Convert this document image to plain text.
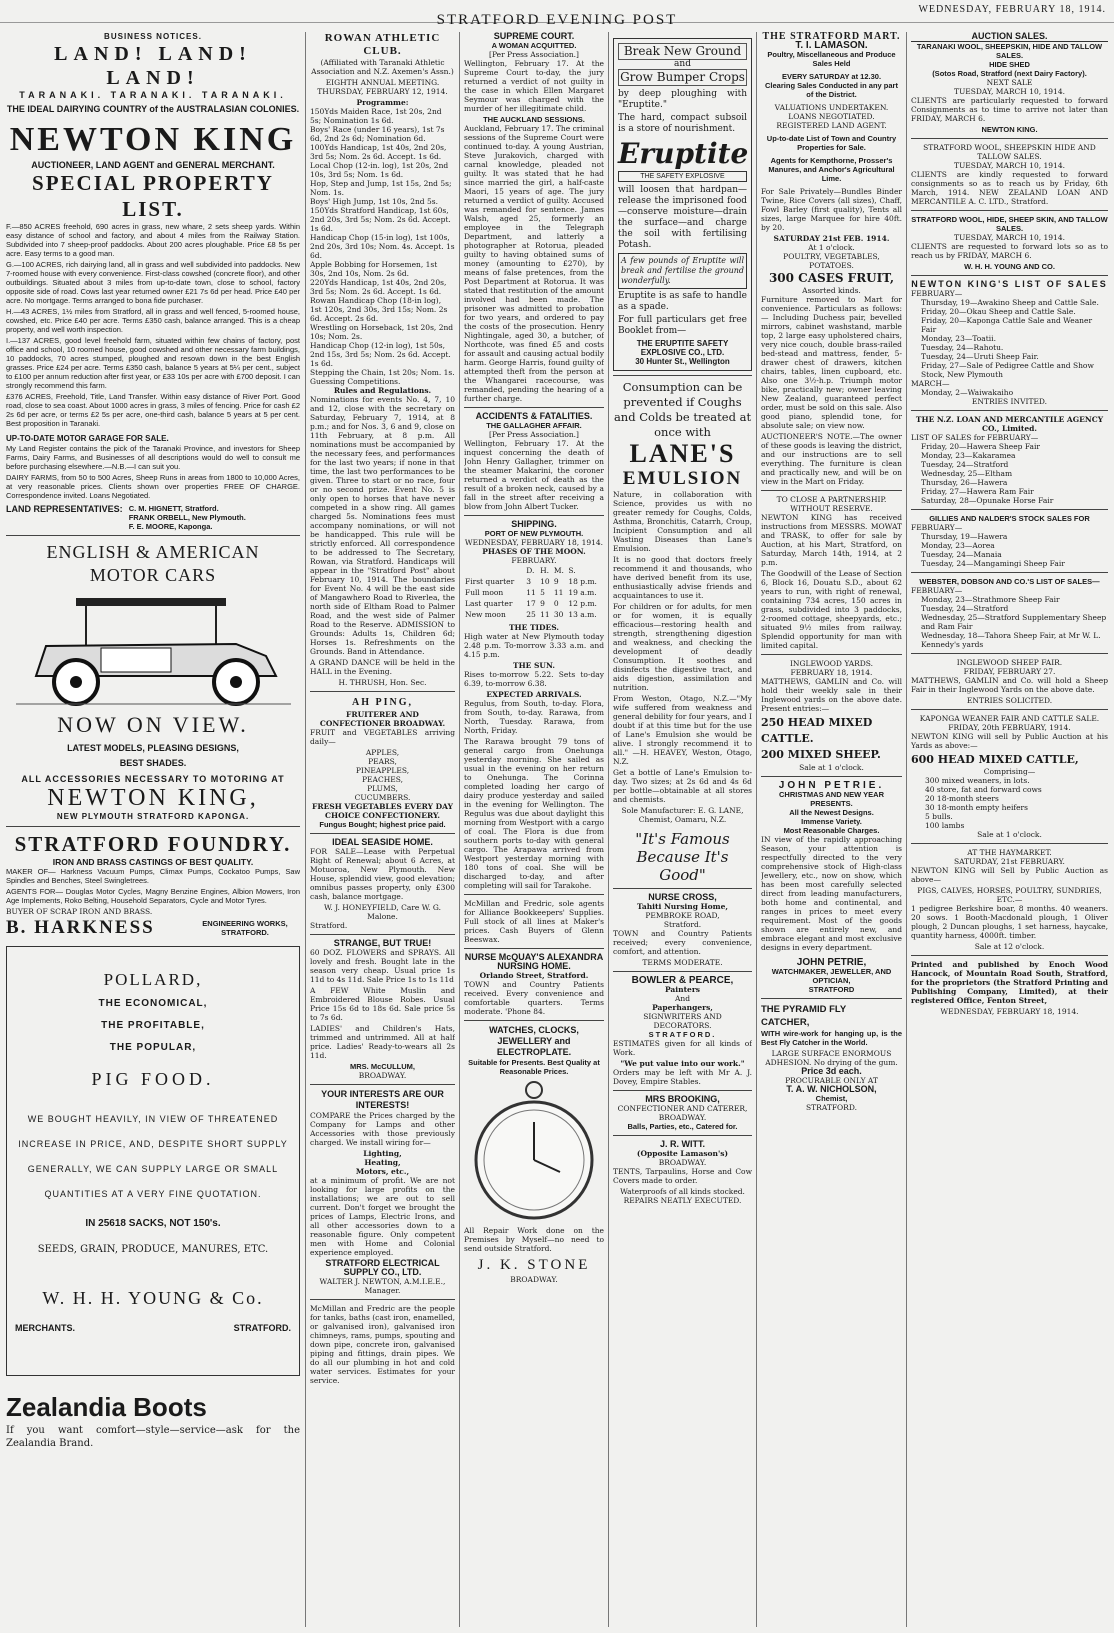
STRATFORD EVENING POST
WEDNESDAY, FEBRUARY 18, 1914.
BUSINESS NOTICES.
LAND! LAND! LAND!
TARANAKI. TARANAKI. TARANAKI.
THE IDEAL DAIRYING COUNTRY of the AUSTRALASIAN COLONIES.
NEWTON KING
AUCTIONEER, LAND AGENT and GENERAL MERCHANT.
SPECIAL PROPERTY LIST.

F.—850 ACRES freehold, 690 acres in grass, new whare, 2 sets sheep yards. Within easy distance of school and factory, and about 4 miles from the Railway Station. Subdivided into 7 sheep-proof paddocks. About 200 acres ploughable. Price £8 5s per acre. Easy terms to a good man.

G.—100 ACRES, rich dairying land, all in grass and well subdivided into paddocks. New 7-roomed house with every convenience. First-class cowshed (concrete floor), and other outbuildings. Situated about 3 miles from up-to-date town, close to school, factory opposite side of road. Cows last year returned owner £21 7s 6d per head. Price £40 per acre. No mortgage. Terms arranged to bona fide purchaser.

H.—43 ACRES, 1½ miles from Stratford, all in grass and well fenced, 5-roomed house, cowshed, etc. Price £40 per acre. Terms £350 cash, balance arranged. This is a cheap property, and well worth inspection.

I.—137 ACRES, good level freehold farm, situated within few chains of factory, post office and school, 10 roomed house, good cowshed and other necessary farm buildings, 10 paddocks, 70 acres stumped, ploughed and resown down in the best English grasses. Price £24 per acre. Terms £350 cash, balance 5 years at 5¼ per cent., subject to £100 per annum reduction after first year, or £33 10s per acre with £700 deposit. I can strongly recommend this farm.

£376 ACRES, Freehold, Title, Land Transfer. Within easy distance of River Port. Good road, close to sea coast. About 1000 acres in grass, 3 miles of fencing. Price for cash £2 2s 6d per acre, or terms £2 5s per acre, one-third cash, balance 5 years at 5 per cent. Best proposition in Taranaki.

UP-TO-DATE MOTOR GARAGE FOR SALE.

My Land Register contains the pick of the Taranaki Province, and investors for Sheep Farms, Dairy Farms, and Businesses of all descriptions would do well to consult me before purchasing elsewhere.—N.B.—I can suit you.

DAIRY FARMS, from 50 to 500 Acres, Sheep Runs in areas from 1800 to 10,000 Acres, at very reasonable prices. Clients shown over properties FREE OF CHARGE. Correspondence invited. Loans Negotiated.

LAND REPRESENTATIVES: C. M. HIGNETT, Stratford.
FRANK ORBELL, New Plymouth.
F. E. MOORE, Kaponga.
ENGLISH & AMERICAN
MOTOR CARS
NOW ON VIEW.
LATEST MODELS, PLEASING DESIGNS,
BEST SHADES.
ALL ACCESSORIES NECESSARY TO MOTORING AT
NEWTON KING,
NEW PLYMOUTH STRATFORD KAPONGA.
STRATFORD FOUNDRY.
IRON AND BRASS CASTINGS OF BEST QUALITY.

MAKER OF— Harkness Vacuum Pumps, Climax Pumps, Cockatoo Pumps, Saw Spindles and Benches, Steel Swingletrees.

AGENTS FOR— Douglas Motor Cycles, Magny Benzine Engines, Albion Mowers, Iron Age Implements, Roko Belting, Household Separators, Cycle and Motor Tyres.

BUYER OF SCRAP IRON AND BRASS.
B. HARKNESS	ENGINEERING WORKS, STRATFORD.
POLLARD,
THE ECONOMICAL,
THE PROFITABLE,
THE POPULAR,
PIG FOOD.

WE BOUGHT HEAVILY, IN VIEW OF THREATENED INCREASE IN PRICE, AND, DESPITE SHORT SUPPLY GENERALLY, WE CAN SUPPLY LARGE OR SMALL QUANTITIES AT A VERY FINE QUOTATION.

IN 25618 SACKS, NOT 150's.
SEEDS, GRAIN, PRODUCE, MANURES, ETC.
W. H. H. YOUNG & Co.
MERCHANTS.	STRATFORD.
Zealandia Boots

If you want comfort—style—service—ask for the Zealandia Brand.

ROWAN ATHLETIC CLUB.

(Affiliated with Taranaki Athletic Association and N.Z. Axemen's Assn.)

EIGHTH ANNUAL MEETING. THURSDAY, FEBRUARY 12, 1914.

Programme:
150Yds Maiden Race, 1st 20s, 2nd 5s; Nomination 1s 6d.
Boys' Race (under 16 years), 1st 7s 6d, 2nd 2s 6d; Nomination 6d.
100Yds Handicap, 1st 40s, 2nd 20s, 3rd 5s; Nom. 2s 6d. Accept. 1s 6d.
Local Chop (12-in. log), 1st 20s, 2nd 10s, 3rd 5s; Nom. 1s 6d.
Hop, Step and Jump, 1st 15s, 2nd 5s; Nom. 1s.
Boys' High Jump, 1st 10s, 2nd 5s.
150Yds Stratford Handicap, 1st 60s, 2nd 20s, 3rd 5s; Nom. 2s 6d. Accept. 1s 6d.
Handicap Chop (15-in log), 1st 100s, 2nd 20s, 3rd 10s; Nom. 4s. Accept. 1s 6d.
Apple Bobbing for Horsemen, 1st 30s, 2nd 10s, Nom. 2s 6d.
220Yds Handicap, 1st 40s, 2nd 20s, 3rd 5s; Nom. 2s 6d. Accept. 1s 6d.
Rowan Handicap Chop (18-in log), 1st 120s, 2nd 30s, 3rd 15s; Nom. 2s 6d. Accept. 2s 6d.
Wrestling on Horseback, 1st 20s, 2nd 10s; Nom. 2s.
Handicap Chop (12-in log), 1st 50s, 2nd 15s, 3rd 5s; Nom. 2s 6d. Accept. 1s 6d.
Stepping the Chain, 1st 20s; Nom. 1s.
Guessing Competitions.
Rules and Regulations.

Nominations for events No. 4, 7, 10 and 12, close with the secretary on Saturday, February 7, 1914, at 8 p.m.; and for Nos. 3, 6 and 9, close on 11th February, at 8 p.m. All nominations must be accompanied by the necessary fees, and performances for the last two years; if none in that time, the last two performances to be given. Three to start or no race, four or no second prize. Event No. 5 is only open to horses that have never competed in a show ring. All games charged 5s. Nominations fees must accompany nominations, or will not be handicapped. This rule will be strictly enforced. All correspondence to be addressed to The Secretary, Rowan, via Stratford. Handicaps will appear in the "Stratford Post" about February 10, 1914. The boundaries for Event No. 4 will be the east side of Mangawhero Road to Riverlea, the north side of Eltham Road to Palmer Road, and the west side of Palmer Road to the Reserve. ADMISSION to Grounds: Adults 1s, Children 6d; Horses 1s. Refreshments on the Grounds. Band in Attendance.

A GRAND DANCE will be held in the HALL in the Evening.

H. THRUSH, Hon. Sec.
AH PING,
FRUITERER AND CONFECTIONER BROADWAY.

FRUIT and VEGETABLES arriving daily—

APPLES,
PEARS,
PINEAPPLES,
PEACHES,
PLUMS,
CUCUMBERS.
FRESH VEGETABLES EVERY DAY CHOICE CONFECTIONERY.
Fungus Bought; highest price paid.
IDEAL SEASIDE HOME.

FOR SALE—Lease with Perpetual Right of Renewal; about 6 Acres, at Motuoroa, New Plymouth. New House, splendid view, good elevation; omnibus passes property, only £300 cash, balance mortgage.

W. J. HONEYFIELD, Care W. G. Malone.
Stratford.
STRANGE, BUT TRUE!

60 DOZ. FLOWERS and SPRAYS. All lovely and fresh. Bought late in the season very cheap. Usual price 1s 11d to 4s 11d. Sale Price 1s to 1s 11d

A FEW White Muslin and Embroidered Blouse Robes. Usual Price 15s 6d to 18s 6d. Sale price 5s to 7s 6d.

LADIES' and Children's Hats, trimmed and untrimmed. All at half price. Ladies' Ready-to-wears all 2s 11d.

MRS. McCULLUM,
BROADWAY.
YOUR INTERESTS ARE OUR INTERESTS!

COMPARE the Prices charged by the Company for Lamps and other Accessories with those previously charged. We install wiring for—

Lighting,
Heating,
Motors, etc.,

at a minimum of profit. We are not looking for large profits on the installations; we are out to sell current. Don't forget we brought the prices of Lamps, Electric Irons, and all other accessories down to a reasonable figure. Only competent men with Home and Colonial experience employed.

STRATFORD ELECTRICAL SUPPLY CO., LTD.
WALTER J. NEWTON, A.M.I.E.E., Manager.

McMillan and Fredric are the people for tanks, baths (cast iron, enamelled, or galvanised iron), galvanised iron chimneys, rams, pumps, spouting and down pipe, concrete iron, galvanised piping and fittings, drain pipes. We do all our plumbing in hot and cold water services. Estimates for your service.

SUPREME COURT.
A WOMAN ACQUITTED.
[Per Press Association.]

Wellington, February 17. At the Supreme Court to-day, the jury returned a verdict of not guilty in the case in which Ellen Margaret Seymour was charged with the murder of her illegitimate child.

THE AUCKLAND SESSIONS.

Auckland, February 17. The criminal sessions of the Supreme Court were continued to-day. A young Austrian, Steve Jurakovich, charged with carnal knowledge, pleaded not guilty. It was stated that he had since married the girl, a half-caste Maori, 15 years of age. The jury returned a verdict of guilty. Accused was remanded for sentence. James Walsh, aged 25, formerly an employee in the Telegraph Department, and latterly a photographer at Rotorua, pleaded guilty to having obtained sums of money (amounting to £270), by means of false pretences, from the Post Department at Rotorua. It was stated that restitution of the amount involved had been made. The prisoner was admitted to probation for two years, and ordered to pay the costs of the prosecution. Henry Nightingale, aged 30, a butcher, of Northcote, was fined £5 and costs for assault and causing actual bodily harm. George Harris, found guilty of attempted theft from the person at the Whangarei racecourse, was remanded, pending the hearing of a further charge.

ACCIDENTS & FATALITIES.
THE GALLAGHER AFFAIR.
[Per Press Association.]

Wellington, February 17. At the inquest concerning the death of John Henry Gallagher, trimmer on the steamer Makarini, the coroner returned a verdict of death as the result of a broken neck, caused by a fall in the street after receiving a blow from John Albert Tucker.

SHIPPING.
PORT OF NEW PLYMOUTH.
WEDNESDAY, FEBRUARY 18, 1914.
PHASES OF THE MOON.
FEBRUARY.
	D.	H.	M.	S.
First quarter	3	10	9	18 p.m.
Full moon	11	5	11	19 a.m.
Last quarter	17	9	0	12 p.m.
New moon	25	11	30	13 a.m.
THE TIDES.

High water at New Plymouth today 2.48 p.m. To-morrow 3.33 a.m. and 4.15 p.m.

THE SUN.

Rises to-morrow 5.22. Sets to-day 6.39, to-morrow 6.38.

EXPECTED ARRIVALS.

Regulus, from South, to-day. Flora, from South, to-day. Rarawa, from North, Tuesday. Rarawa, from North, Friday.

The Rarawa brought 79 tons of general cargo from Onehunga yesterday morning. She sailed as usual in the evening on her return to Onehunga. The Corinna completed loading her cargo of dairy produce yesterday and sailed in the evening for Wellington. The Regulus was due about daylight this morning from Westport with a cargo of coal. The Flora is due from southern ports to-day with general cargo. The Arapawa arrived from Westport yesterday morning with 180 tons of coal. She will be discharged to-day, and after completing will sail for Tarakohe.

McMillan and Fredric, sole agents for Alliance Bookkeepers' Supplies. Full stock of all lines at Maker's prices. Cash Buyers of Glenn Beeswax.

NURSE McQUAY'S ALEXANDRA NURSING HOME.
Orlando Street, Stratford.

TOWN and Country Patients received. Every convenience and comfortable quarters. Terms moderate. 'Phone 84.

WATCHES, CLOCKS, JEWELLERY and ELECTROPLATE.
Suitable for Presents. Best Quality at Reasonable Prices.

All Repair Work done on the Premises by Myself—no need to send outside Stratford.

J. K. STONE
BROADWAY.
Break New Ground
and
Grow Bumper Crops

by deep ploughing with "Eruptite."

The hard, compact subsoil is a store of nourishment.

Eruptite
THE SAFETY EXPLOSIVE

will loosen that hardpan—release the imprisoned food—conserve moisture—drain the surface—and charge the soil with fertilising Potash.

A few pounds of Eruptite will break and fertilise the ground wonderfully.

Eruptite is as safe to handle as a spade.

For full particulars get free Booklet from—

THE ERUPTITE SAFETY EXPLOSIVE CO., LTD.
30 Hunter St., Wellington
Consumption can be prevented if Coughs and Colds be treated at once with
LANE'S
EMULSION

Nature, in collaboration with Science, provides us with no greater remedy for Coughs, Colds, Asthma, Bronchitis, Catarrh, Croup, Incipient Consumption and all Wasting Diseases than Lane's Emulsion.

It is no good that doctors freely recommend it and thousands, who have derived benefit from its use, enthusiastically advise friends and acquaintances to use it.

For children or for adults, for men or for women, it is equally efficacious—restoring health and strength, strengthening digestion and weakness, and checking the development of deadly Consumption. It soothes and disinfects the digestive tract, and aids digestion, assimilation and nutrition.

From Weston, Otago, N.Z.—"My wife suffered from weakness and general debility for four years, and I doubt if at this time but for the use of Lane's Emulsion she would be alive. I strongly recommend it to all." —H. HEAVEY, Weston, Otago, N.Z.

Get a bottle of Lane's Emulsion to-day. Two sizes; at 2s 6d and 4s 6d per bottle—obtainable at all stores and chemists.

Sole Manufacturer: E. G. LANE, Chemist, Oamaru, N.Z.
"It's Famous Because It's Good"
NURSE CROSS,
Tahiti Nursing Home,
PEMBROKE ROAD,
Stratford.

TOWN and Country Patients received; every convenience, comfort, and attention.

TERMS MODERATE.
BOWLER & PEARCE,
Painters
And
Paperhangers,
SIGNWRITERS AND DECORATORS.
STRATFORD.

ESTIMATES given for all kinds of Work.

"We put value into our work."

Orders may be left with Mr A. J. Dovey, Empire Stables.

MRS BROOKING,
CONFECTIONER AND CATERER, BROADWAY.
Balls, Parties, etc., Catered for.
J. R. WITT.
(Opposite Lamason's)
BROADWAY.

TENTS, Tarpaulins, Horse and Cow Covers made to order.

Waterproofs of all kinds stocked.
REPAIRS NEATLY EXECUTED.
THE STRATFORD MART.
T. I. LAMASON.
Poultry, Miscellaneous and Produce Sales Held
EVERY SATURDAY at 12.30.
Clearing Sales Conducted in any part of the District.
VALUATIONS UNDERTAKEN.
LOANS NEGOTIATED.
REGISTERED LAND AGENT.
Up-to-date List of Town and Country Properties for Sale.
Agents for Kempthorne, Prosser's Manures, and Anchor's Agricultural Lime.

For Sale Privately—Bundles Binder Twine, Rice Covers (all sizes), Chaff, Fowl Barley (first quality), Tents all sizes, large Marquee for hire 40ft. by 20.

SATURDAY 21st FEB. 1914.
At 1 o'clock.
POULTRY, VEGETABLES, POTATOES.
300 CASES FRUIT,
Assorted kinds.

Furniture removed to Mart for convenience. Particulars as follows:— Including Duchess pair, bevelled mirrors, cabinet washstand, marble top, 2 large easy upholstered chairs, very nice couch, double brass-railed bed-stead and mattress, fender, 5-drawer chest of drawers, kitchen chairs, tables, linen cupboard, etc. Also one 3½-h.p. Triumph motor bike, practically new; owner leaving New Zealand, guaranteed perfect order, must be sold on this sale. Also good piano, splendid tone, for absolute sale; on view now.

AUCTIONEER'S NOTE.—The owner of these goods is leaving the district, and our instructions are to sell everything. The furniture is clean and practically new, and will be on view in the Mart on Friday.

TO CLOSE A PARTNERSHIP.
WITHOUT RESERVE.

NEWTON KING has received instructions from MESSRS. MOWAT and TRASK, to offer for sale by Auction, at his Mart, Stratford, on Saturday, March 14th, 1914, at 2 p.m.

The Goodwill of the Lease of Section 6, Block 16, Douatu S.D., about 62 years to run, with right of renewal, containing 734 acres, 150 acres in grass, subdivided into 3 paddocks, 2-roomed cottage, sheepyards, etc.; situated 9½ miles from railway. Splendid opportunity for man with limited capital.

INGLEWOOD YARDS.
FEBRUARY 18, 1914.

MATTHEWS, GAMLIN and Co. will hold their weekly sale in their Inglewood yards on the above date. Present entries:—

250 HEAD MIXED CATTLE.
200 MIXED SHEEP.
Sale at 1 o'clock.
JOHN PETRIE.
CHRISTMAS AND NEW YEAR PRESENTS.
All the Newest Designs.
Immense Variety.
Most Reasonable Charges.

IN view of the rapidly approaching Season, your attention is respectfully directed to the very comprehensive stock of High-class Jewellery, etc., now on show, which has been most carefully selected direct from leading manufacturers, both home and continental, and ranges in prices to meet every requirement. Most of the goods shown are entirely new, and embrace elegant and most exclusive designs in every department.

JOHN PETRIE,
WATCHMAKER, JEWELLER, AND OPTICIAN,
STRATFORD
THE PYRAMID FLY CATCHER,

WITH wire-work for hanging up, is the Best Fly Catcher in the World.

LARGE SURFACE ENORMOUS ADHESION. No drying of the gum.
Price 3d each.
PROCURABLE ONLY AT
T. A. W. NICHOLSON,
Chemist,
STRATFORD.
AUCTION SALES.
TARANAKI WOOL, SHEEPSKIN, HIDE AND TALLOW SALES.
HIDE SHED
(Sotos Road, Stratford (next Dairy Factory).
NEXT SALE
TUESDAY, MARCH 10, 1914.

CLIENTS are particularly requested to forward Consignments as to time to arrive not later than FRIDAY, MARCH 6.

NEWTON KING.
STRATFORD WOOL, SHEEPSKIN HIDE AND TALLOW SALES.
TUESDAY, MARCH 10, 1914.

CLIENTS are kindly requested to forward consignments so as to reach us by Friday, 6th March, 1914. NEW ZEALAND LOAN AND MERCANTILE A. C. LTD., Stratford.

STRATFORD WOOL, HIDE, SHEEP SKIN, AND TALLOW SALES.
TUESDAY, MARCH 10, 1914.

CLIENTS are requested to forward lots so as to reach us by FRIDAY, MARCH 6.

W. H. H. YOUNG AND CO.
NEWTON KING'S LIST OF SALES
FEBRUARY—
Thursday, 19—Awakino Sheep and Cattle Sale.
Friday, 20—Okau Sheep and Cattle Sale.
Friday, 20—Kaponga Cattle Sale and Weaner Fair
Monday, 23—Toatii.
Tuesday, 24—Rahotu.
Tuesday, 24—Uruti Sheep Fair.
Friday, 27—Sale of Pedigree Cattle and Show Stock, New Plymouth
MARCH—
Monday, 2—Waiwakaiho
ENTRIES INVITED.
THE N.Z. LOAN AND MERCANTILE AGENCY CO., Limited.
LIST OF SALES for FEBRUARY—
Friday, 20—Hawera Sheep Fair
Monday, 23—Kakaramea
Tuesday, 24—Stratford
Wednesday, 25—Eltham
Thursday, 26—Hawera
Friday, 27—Hawera Ram Fair
Saturday, 28—Opunake Horse Fair
GILLIES AND NALDER'S STOCK SALES FOR
FEBRUARY—
Thursday, 19—Hawera
Monday, 23—Aorea
Tuesday, 24—Manaia
Tuesday, 24—Mangamingi Sheep Fair
WEBSTER, DOBSON AND CO.'S LIST OF SALES—
FEBRUARY—
Monday, 23—Strathmore Sheep Fair
Tuesday, 24—Stratford
Wednesday, 25—Stratford Supplementary Sheep and Ram Fair
Wednesday, 18—Tahora Sheep Fair, at Mr W. L. Kennedy's yards
INGLEWOOD SHEEP FAIR.
FRIDAY, FEBRUARY 27.

MATTHEWS, GAMLIN and Co. will hold a Sheep Fair in their Inglewood Yards on the above date.

ENTRIES SOLICITED.
KAPONGA WEANER FAIR AND CATTLE SALE.
FRIDAY, 20th FEBRUARY, 1914.

NEWTON KING will sell by Public Auction at his Yards as above:—

600 HEAD MIXED CATTLE,
Comprising—
300 mixed weaners, in lots.
40 store, fat and forward cows
20 18-month steers
30 18-month empty heifers
5 bulls.
100 lambs
Sale at 1 o'clock.
AT THE HAYMARKET.
SATURDAY, 21st FEBRUARY.

NEWTON KING will Sell by Public Auction as above—

PIGS, CALVES, HORSES, POULTRY, SUNDRIES, ETC.—

1 pedigree Berkshire boar, 8 months. 40 weaners. 20 sows. 1 Booth-Macdonald plough, 1 Oliver plough, 2 Duncan ploughs, 1 set harness, haycake, quantity harness, 4000ft. timber.

Sale at 12 o'clock.

Printed and published by Enoch Wood Hancock, of Mountain Road South, Stratford, for the proprietors (the Stratford Printing and Publishing Company, Limited), at their registered Office, Fenton Street,

WEDNESDAY, FEBRUARY 18, 1914.
